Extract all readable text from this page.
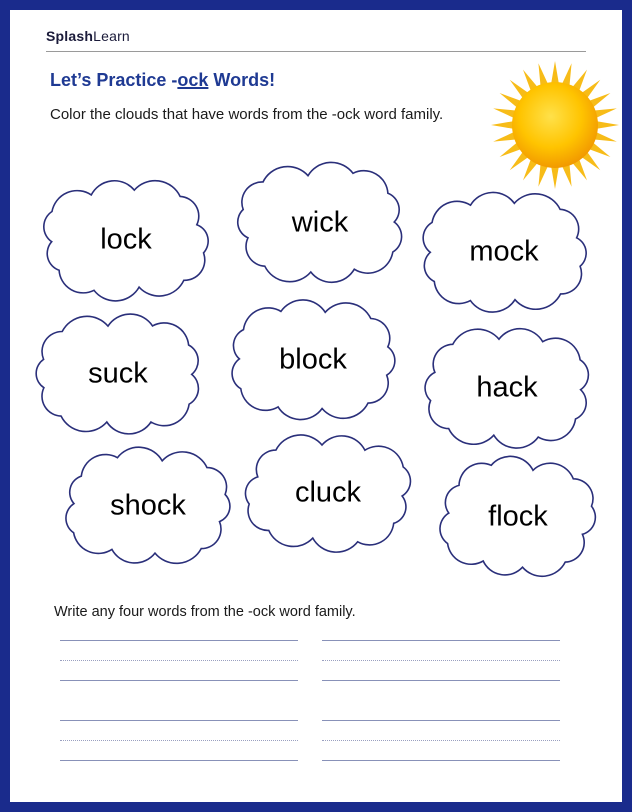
SplashLearn
Let’s Practice -ock Words!
Color the clouds that have words from the -ock word family.
lock
wick
mock
suck	block
hack
shock	cluck
flock
Write any four words from the -ock word family.
